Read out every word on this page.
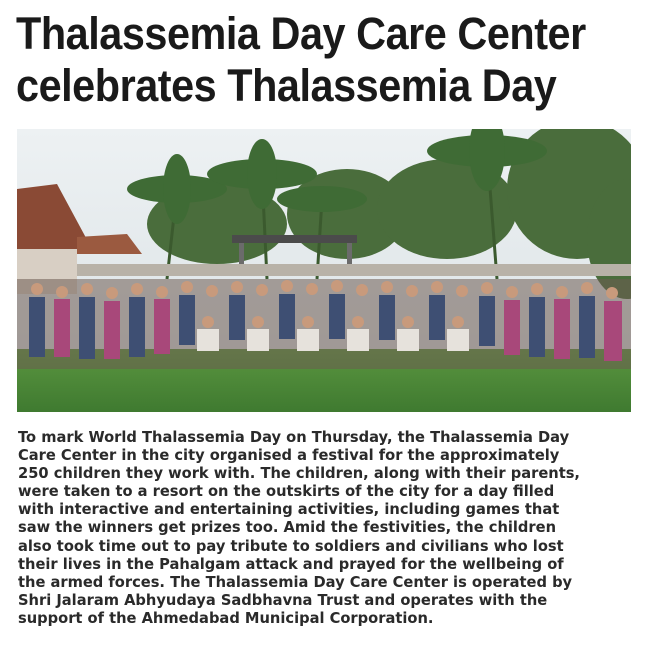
Thalassemia Day Care Center
celebrates Thalassemia Day

To mark World Thalassemia Day on Thursday, the Thalassemia Day
Care Center in the city organised a festival for the approximately
250 children they work with. The children, along with their parents,
were taken to a resort on the outskirts of the city for a day filled
with interactive and entertaining activities, including games that
saw the winners get prizes too. Amid the festivities, the children
also took time out to pay tribute to soldiers and civilians who lost
their lives in the Pahalgam attack and prayed for the wellbeing of
the armed forces. The Thalassemia Day Care Center is operated by
Shri Jalaram Abhyudaya Sadbhavna Trust and operates with the
support of the Ahmedabad Municipal Corporation.
